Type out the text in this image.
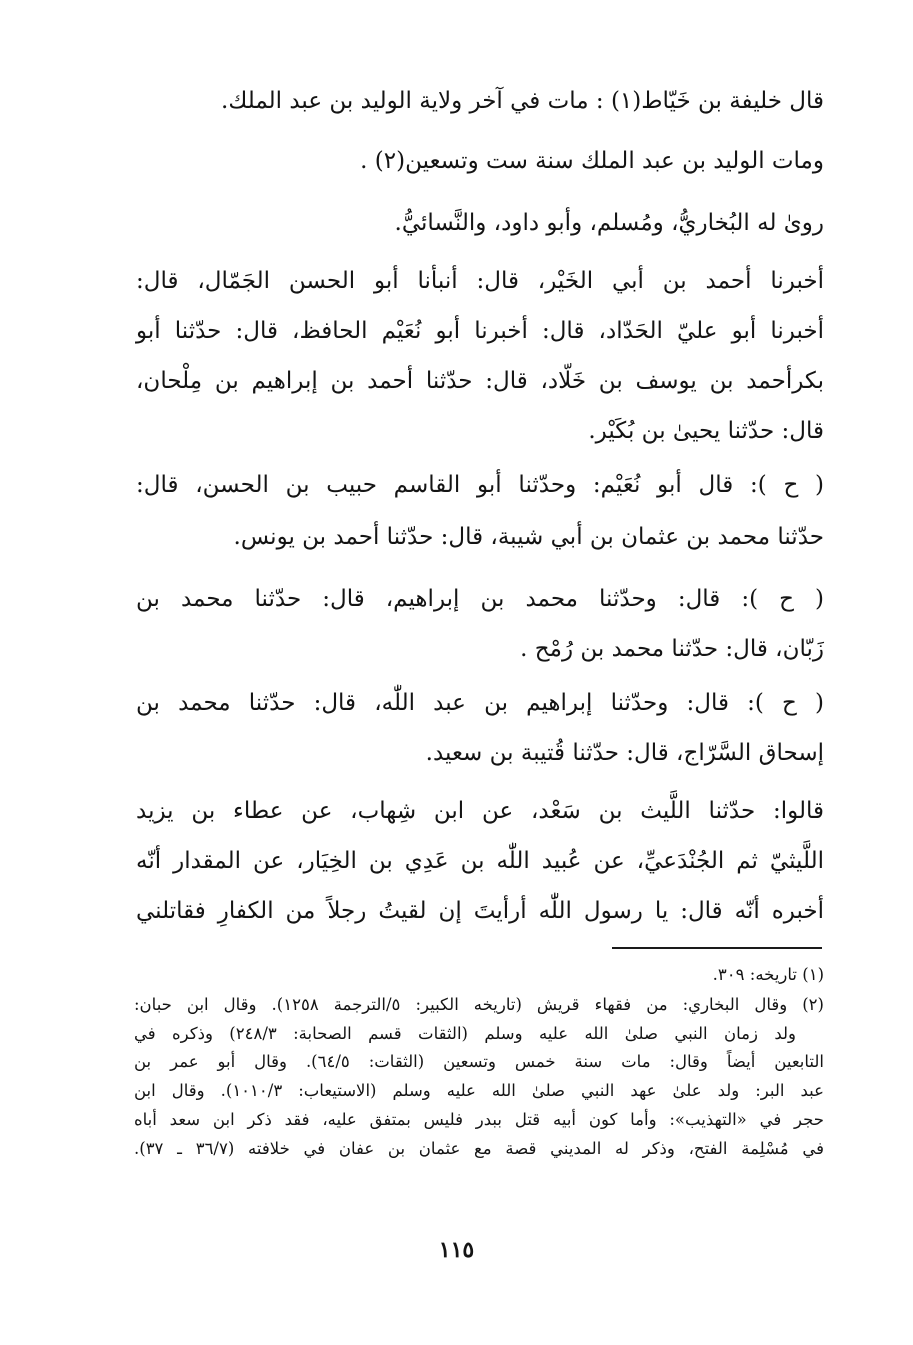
قال خليفة بن خَيّاط(١) : مات في آخر ولاية الوليد بن عبد الملك.
ومات الوليد بن عبد الملك سنة ست وتسعين(٢) .
روىٰ له البُخاريُّ، ومُسلم، وأبو داود، والنَّسائيُّ.
أخبرنا أحمد بن أبي الخَيْر، قال: أنبأنا أبو الحسن الجَمّال، قال:
أخبرنا أبو عليّ الحَدّاد، قال: أخبرنا أبو نُعَيْم الحافظ، قال: حدّثنا أبو
بكرأحمد بن يوسف بن خَلّاد، قال: حدّثنا أحمد بن إبراهيم بن مِلْحان،
قال: حدّثنا يحيىٰ بن بُكَيْر.
( ح ): قال أبو نُعَيْم: وحدّثنا أبو القاسم حبيب بن الحسن، قال:
حدّثنا محمد بن عثمان بن أبي شيبة، قال: حدّثنا أحمد بن يونس.
( ح ): قال: وحدّثنا محمد بن إبراهيم، قال: حدّثنا محمد بن
زَبّان، قال: حدّثنا محمد بن رُمْح .
( ح ): قال: وحدّثنا إبراهيم بن عبد اللّٰه، قال: حدّثنا محمد بن
إسحاق السَّرّاج، قال: حدّثنا قُتيبة بن سعيد.
قالوا: حدّثنا اللَّيث بن سَعْد، عن ابن شِهاب، عن عطاء بن يزيد
اللَّيثيّ ثم الجُنْدَعيِّ، عن عُبيد اللّٰه بن عَدِي بن الخِيَار، عن المقدار أنّه
أخبره أنّه قال: يا رسول اللّٰه أرأيتَ إن لقيتُ رجلاً من الكفارِ فقاتلني
(١) تاريخه: ٣٠٩.
(٢) وقال البخاري: من فقهاء قريش (تاريخه الكبير: ٥/الترجمة ١٢٥٨). وقال ابن حبان:
ولد زمان النبي صلىٰ الله عليه وسلم (الثقات قسم الصحابة: ٢٤٨/٣) وذكره في
التابعين أيضاً وقال: مات سنة خمس وتسعين (الثقات: ٦٤/٥). وقال أبو عمر بن
عبد البر: ولد علىٰ عهد النبي صلىٰ الله عليه وسلم (الاستيعاب: ١٠١٠/٣). وقال ابن
حجر في «التهذيب»: وأما كون أبيه قتل ببدر فليس بمتفق عليه، فقد ذكر ابن سعد أباه
في مُسْلِمة الفتح، وذكر له المديني قصة مع عثمان بن عفان في خلافته (٣٦/٧ ـ ٣٧).
١١٥
